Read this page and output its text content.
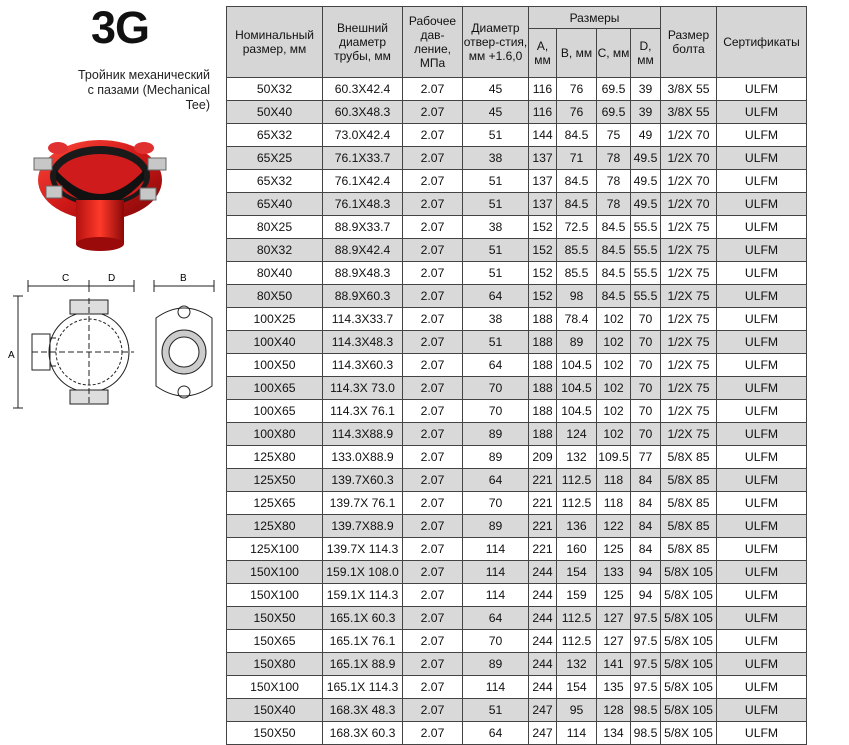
3G
Тройник механический
с пазами (Mechanical
Tee)
C	D	B
A
Номинальный размер, мм	Внешний диаметр трубы, мм	Рабочее дав-ление, МПа	Диаметр отвер-стия, мм +1.6,0	Размеры				Размер болта	Сертификаты
				A, мм	B, мм	C, мм	D, мм		
50X32	60.3X42.4	2.07	45	116	76	69.5	39	3/8X 55	ULFM
50X40	60.3X48.3	2.07	45	116	76	69.5	39	3/8X 55	ULFM
65X32	73.0X42.4	2.07	51	144	84.5	75	49	1/2X 70	ULFM
65X25	76.1X33.7	2.07	38	137	71	78	49.5	1/2X 70	ULFM
65X32	76.1X42.4	2.07	51	137	84.5	78	49.5	1/2X 70	ULFM
65X40	76.1X48.3	2.07	51	137	84.5	78	49.5	1/2X 70	ULFM
80X25	88.9X33.7	2.07	38	152	72.5	84.5	55.5	1/2X 75	ULFM
80X32	88.9X42.4	2.07	51	152	85.5	84.5	55.5	1/2X 75	ULFM
80X40	88.9X48.3	2.07	51	152	85.5	84.5	55.5	1/2X 75	ULFM
80X50	88.9X60.3	2.07	64	152	98	84.5	55.5	1/2X 75	ULFM
100X25	114.3X33.7	2.07	38	188	78.4	102	70	1/2X 75	ULFM
100X40	114.3X48.3	2.07	51	188	89	102	70	1/2X 75	ULFM
100X50	114.3X60.3	2.07	64	188	104.5	102	70	1/2X 75	ULFM
100X65	114.3X 73.0	2.07	70	188	104.5	102	70	1/2X 75	ULFM
100X65	114.3X 76.1	2.07	70	188	104.5	102	70	1/2X 75	ULFM
100X80	114.3X88.9	2.07	89	188	124	102	70	1/2X 75	ULFM
125X80	133.0X88.9	2.07	89	209	132	109.5	77	5/8X 85	ULFM
125X50	139.7X60.3	2.07	64	221	112.5	118	84	5/8X 85	ULFM
125X65	139.7X 76.1	2.07	70	221	112.5	118	84	5/8X 85	ULFM
125X80	139.7X88.9	2.07	89	221	136	122	84	5/8X 85	ULFM
125X100	139.7X 114.3	2.07	114	221	160	125	84	5/8X 85	ULFM
150X100	159.1X 108.0	2.07	114	244	154	133	94	5/8X 105	ULFM
150X100	159.1X 114.3	2.07	114	244	159	125	94	5/8X 105	ULFM
150X50	165.1X 60.3	2.07	64	244	112.5	127	97.5	5/8X 105	ULFM
150X65	165.1X 76.1	2.07	70	244	112.5	127	97.5	5/8X 105	ULFM
150X80	165.1X 88.9	2.07	89	244	132	141	97.5	5/8X 105	ULFM
150X100	165.1X 114.3	2.07	114	244	154	135	97.5	5/8X 105	ULFM
150X40	168.3X 48.3	2.07	51	247	95	128	98.5	5/8X 105	ULFM
150X50	168.3X 60.3	2.07	64	247	114	134	98.5	5/8X 105	ULFM
